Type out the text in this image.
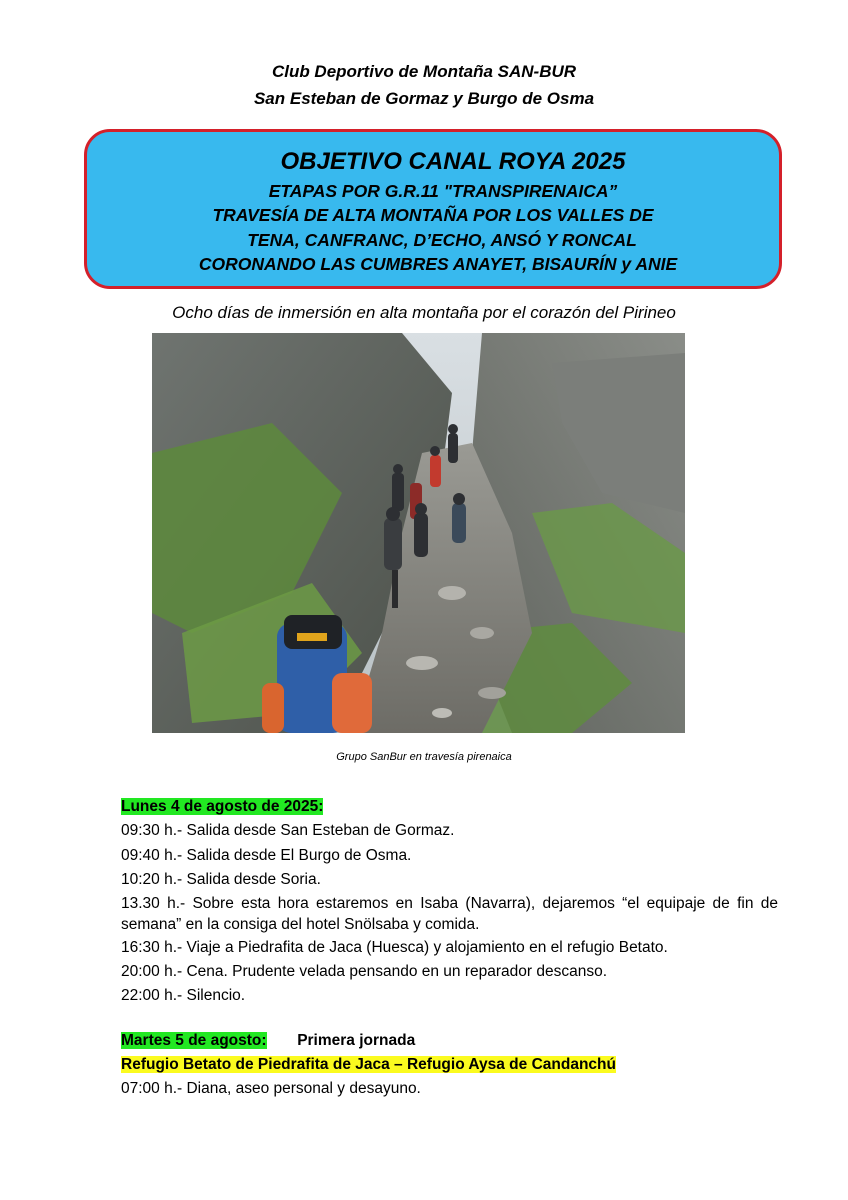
Club Deportivo de Montaña SAN-BUR
San Esteban de Gormaz y Burgo de Osma
OBJETIVO CANAL ROYA 2025
ETAPAS POR G.R.11 "TRANSPIRENAICA”
TRAVESÍA DE ALTA MONTAÑA POR LOS VALLES DE
TENA, CANFRANC, D’ECHO, ANSÓ Y RONCAL
CORONANDO LAS CUMBRES ANAYET, BISAURÍN y ANIE
Ocho días de inmersión en alta montaña por el corazón del Pirineo
Grupo SanBur en travesía pirenaica
Lunes 4 de agosto de 2025:
09:30 h.- Salida desde San Esteban de Gormaz.
09:40 h.- Salida desde El Burgo de Osma.
10:20 h.- Salida desde Soria.
13.30 h.- Sobre esta hora estaremos en Isaba (Navarra), dejaremos “el equipaje de fin de semana” en la consiga del hotel Snölsaba y comida.
16:30 h.- Viaje a Piedrafita de Jaca (Huesca) y alojamiento en el refugio Betato.
20:00 h.- Cena. Prudente velada pensando en un reparador descanso.
22:00 h.- Silencio.
Martes 5 de agosto: Primera jornada
Refugio Betato de Piedrafita de Jaca – Refugio Aysa de Candanchú
07:00 h.- Diana, aseo personal y desayuno.
